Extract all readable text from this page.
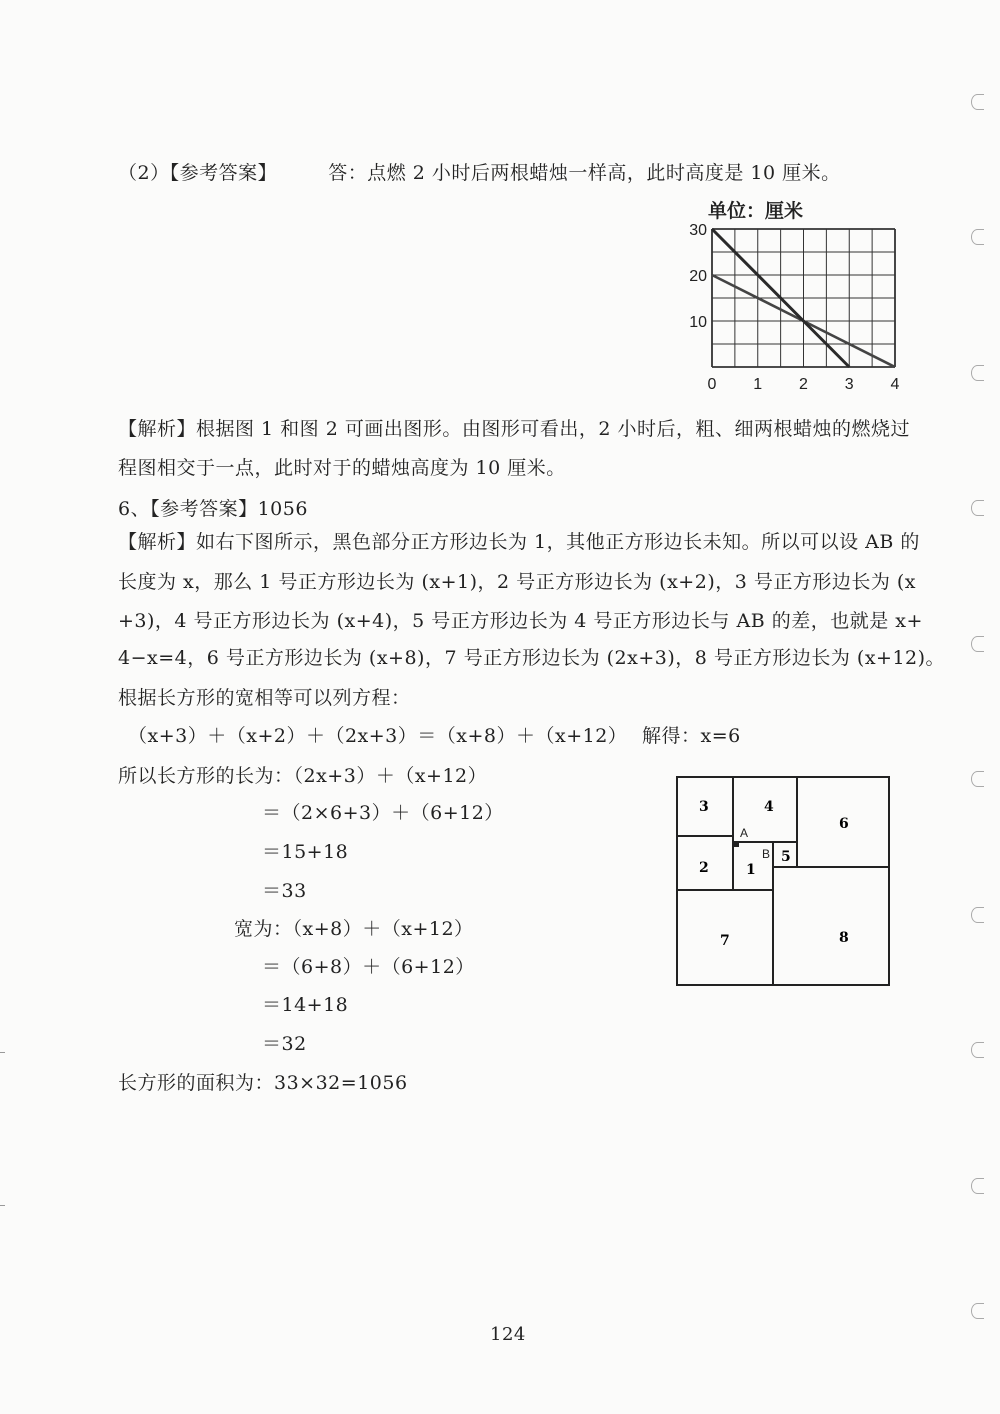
（2）【参考答案】	答：点燃 2 小时后两根蜡烛一样高，此时高度是 10 厘米。
单位：厘米
0 1 2 3 4
10
20
30
【解析】根据图 1 和图 2 可画出图形。由图形可看出，2 小时后，粗、细两根蜡烛的燃烧过
程图相交于一点，此时对于的蜡烛高度为 10 厘米。
6、【参考答案】1056
【解析】如右下图所示，黑色部分正方形边长为 1，其他正方形边长未知。所以可以设 AB 的
长度为 x，那么 1 号正方形边长为 (x+1)，2 号正方形边长为 (x+2)，3 号正方形边长为 (x
+3)，4 号正方形边长为 (x+4)，5 号正方形边长为 4 号正方形边长与 AB 的差，也就是 x+
4−x=4，6 号正方形边长为 (x+8)，7 号正方形边长为 (2x+3)，8 号正方形边长为 (x+12)。
根据长方形的宽相等可以列方程：
（x+3）＋（x+2）＋（2x+3）＝（x+8）＋（x+12） 解得：x=6
所以长方形的长为：（2x+3）＋（x+12）
＝（2×6+3）＋（6+12）
＝15+18
＝33
宽为：（x+8）＋（x+12）
＝（6+8）＋（6+12）
＝14+18
＝32
长方形的面积为：33×32=1056
3	4
6
2	1
5
7	8
A
B
124
